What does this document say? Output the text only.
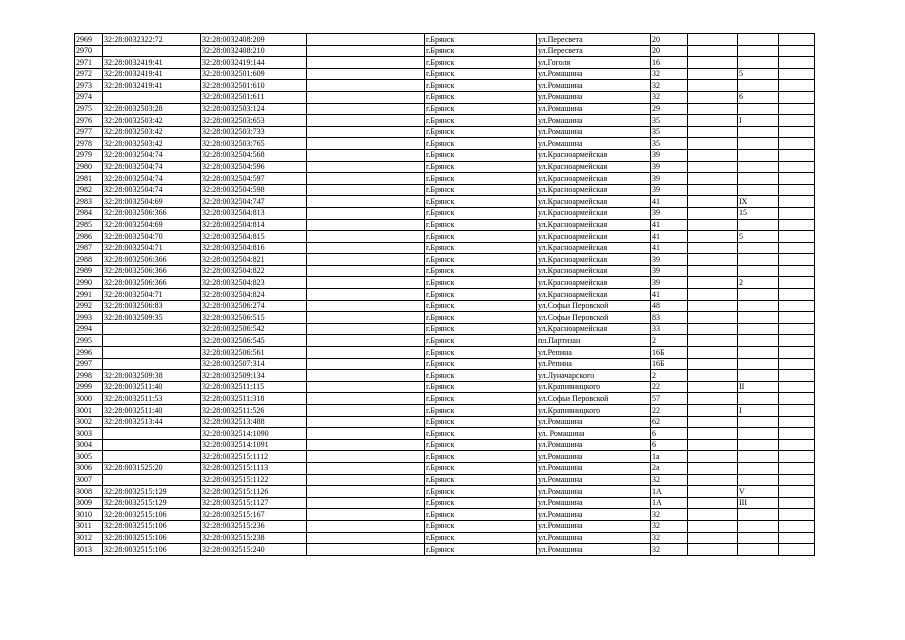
2969	32:28:0032322:72	32:28:0032408:209		г.Брянск	ул.Пересвета	20			
2970		32:28:0032408:210		г.Брянск	ул.Пересвета	20			
2971	32:28:0032419:41	32:28:0032419:144		г.Брянск	ул.Гоголя	16			
2972	32:28:0032419:41	32:28:0032501:609		г.Брянск	ул.Ромашина	32		5	
2973	32:28:0032419:41	32:28:0032501:610		г.Брянск	ул.Ромашина	32			
2974		32:28:0032501:611		г.Брянск	ул.Ромашина	32		6	
2975	32:28:0032503:28	32:28:0032503:124		г.Брянск	ул.Ромашина	29			
2976	32:28:0032503:42	32:28:0032503:653		г.Брянск	ул.Ромашина	35		I	
2977	32:28:0032503:42	32:28:0032503:733		г.Брянск	ул.Ромашина	35			
2978	32:28:0032503:42	32:28:0032503:765		г.Брянск	ул.Ромашина	35			
2979	32:28:0032504:74	32:28:0032504:568		г.Брянск	ул.Красноармейская	39			
2980	32:28:0032504:74	32:28:0032504:596		г.Брянск	ул.Красноармейская	39			
2981	32:28:0032504:74	32:28:0032504:597		г.Брянск	ул.Красноармейская	39			
2982	32:28:0032504:74	32:28:0032504:598		г.Брянск	ул.Красноармейская	39			
2983	32:28:0032504:69	32:28:0032504:747		г.Брянск	ул.Красноармейская	41		IX	
2984	32:28:0032506:366	32:28:0032504:813		г.Брянск	ул.Красноармейская	39		15	
2985	32:28:0032504:69	32:28:0032504:814		г.Брянск	ул.Красноармейская	41			
2986	32:28:0032504:70	32:28:0032504:815		г.Брянск	ул.Красноармейская	41		5	
2987	32:28:0032504:71	32:28:0032504:816		г.Брянск	ул.Красноармейская	41			
2988	32:28:0032506:366	32:28:0032504:821		г.Брянск	ул.Красноармейская	39			
2989	32:28:0032506:366	32:28:0032504:822		г.Брянск	ул.Красноармейская	39			
2990	32:28:0032506:366	32:28:0032504:823		г.Брянск	ул.Красноармейская	39		2	
2991	32:28:0032504:71	32:28:0032504:824		г.Брянск	ул.Красноармейская	41			
2992	32:28:0032506:83	32:28:0032506:274		г.Брянск	ул.Софьи Перовской	48			
2993	32:28:0032509:35	32:28:0032506:515		г.Брянск	ул.Софьи Перовской	83			
2994		32:28:0032506:542		г.Брянск	ул.Красноармейская	33			
2995		32:28:0032506:545		г.Брянск	пл.Партизан	2			
2996		32:28:0032506:561		г.Брянск	ул.Репина	16Б			
2997		32:28:0032507:314		г.Брянск	ул.Репина	16Б			
2998	32:28:0032509:38	32:28:0032509:134		г.Брянск	ул.Луначарского	2			
2999	32:28:0032511:40	32:28:0032511:115		г.Брянск	ул.Крапивницкого	22		II	
3000	32:28:0032511:53	32:28:0032511:318		г.Брянск	ул.Софьи Перовской	57			
3001	32:28:0032511:40	32:28:0032511:526		г.Брянск	ул.Крапивницкого	22		I	
3002	32:28:0032513:44	32:28:0032513:488		г.Брянск	ул.Ромашина	62			
3003		32:28:0032514:1090		г.Брянск	ул. Ромашина	6			
3004		32:28:0032514:1091		г.Брянск	ул.Ромашина	6			
3005		32:28:0032515:1112		г.Брянск	ул.Ромашина	1а			
3006	32:28:0031525:20	32:28:0032515:1113		г.Брянск	ул.Ромашина	2а			
3007		32:28:0032515:1122		г.Брянск	ул.Ромашина	32			
3008	32:28:0032515:129	32:28:0032515:1126		г.Брянск	ул.Ромашина	1А		V	
3009	32:28:0032515:129	32:28:0032515:1127		г.Брянск	ул.Ромашина	1А		III	
3010	32:28:0032515:106	32:28:0032515:167		г.Брянск	ул.Ромашина	32			
3011	32:28:0032515:106	32:28:0032515:236		г.Брянск	ул.Ромашина	32			
3012	32:28:0032515:106	32:28:0032515:238		г.Брянск	ул.Ромашина	32			
3013	32:28:0032515:106	32:28:0032515:240		г.Брянск	ул.Ромашина	32			
